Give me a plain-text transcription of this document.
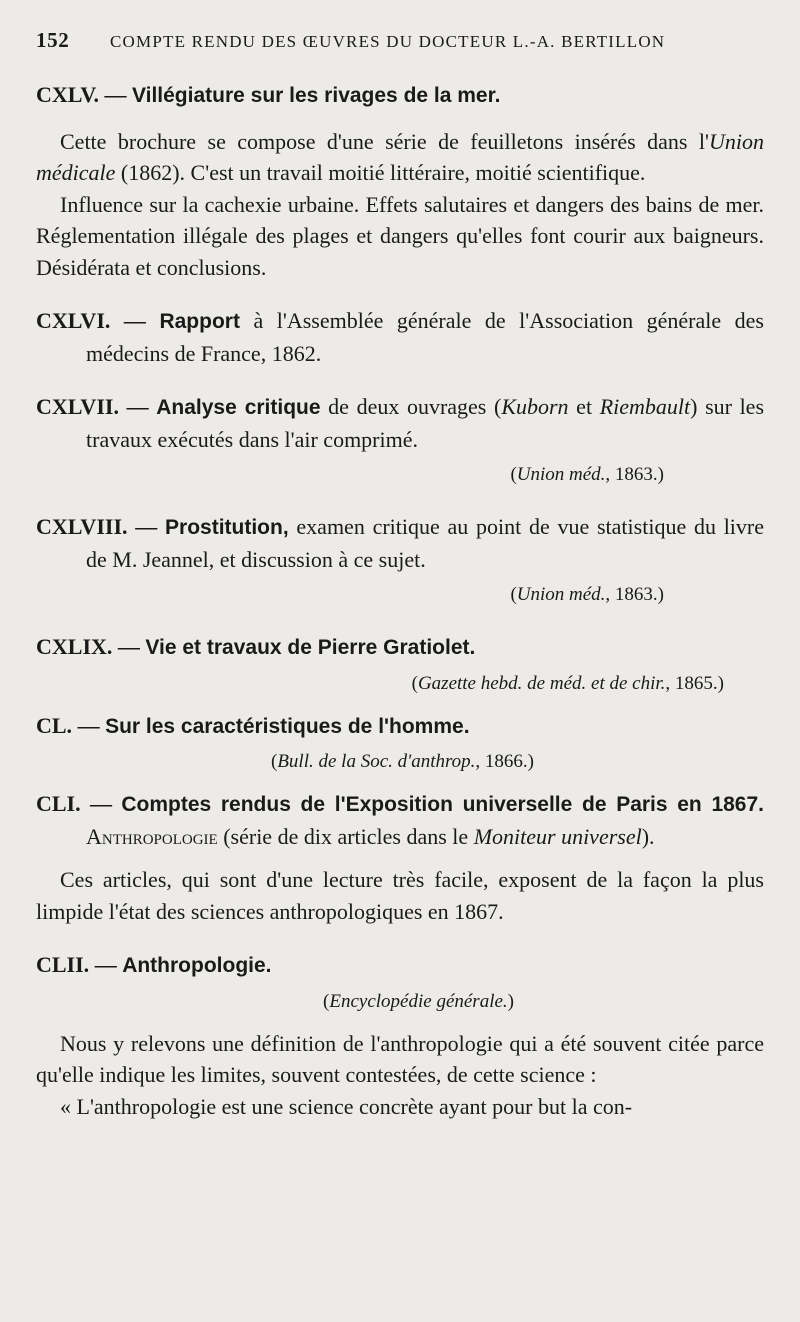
152	COMPTE RENDU DES ŒUVRES DU DOCTEUR L.-A. BERTILLON

CXLV. — Villégiature sur les rivages de la mer.

Cette brochure se compose d'une série de feuilletons insérés dans l'Union médicale (1862). C'est un travail moitié littéraire, moitié scientifique.

Influence sur la cachexie urbaine. Effets salutaires et dangers des bains de mer. Réglementation illégale des plages et dangers qu'elles font courir aux baigneurs. Désidérata et conclusions.

CXLVI. — Rapport à l'Assemblée générale de l'Association générale des médecins de France, 1862.

CXLVII. — Analyse critique de deux ouvrages (Kuborn et Riembault) sur les travaux exécutés dans l'air comprimé.

(Union méd., 1863.)

CXLVIII. — Prostitution, examen critique au point de vue statistique du livre de M. Jeannel, et discussion à ce sujet.

(Union méd., 1863.)

CXLIX. — Vie et travaux de Pierre Gratiolet.

(Gazette hebd. de méd. et de chir., 1865.)

CL. — Sur les caractéristiques de l'homme.

(Bull. de la Soc. d'anthrop., 1866.)

CLI. — Comptes rendus de l'Exposition universelle de Paris en 1867. Anthropologie (série de dix articles dans le Moniteur universel).

Ces articles, qui sont d'une lecture très facile, exposent de la façon la plus limpide l'état des sciences anthropologiques en 1867.

CLII. — Anthropologie.

(Encyclopédie générale.)

Nous y relevons une définition de l'anthropologie qui a été souvent citée parce qu'elle indique les limites, souvent contestées, de cette science :

« L'anthropologie est une science concrète ayant pour but la con-
